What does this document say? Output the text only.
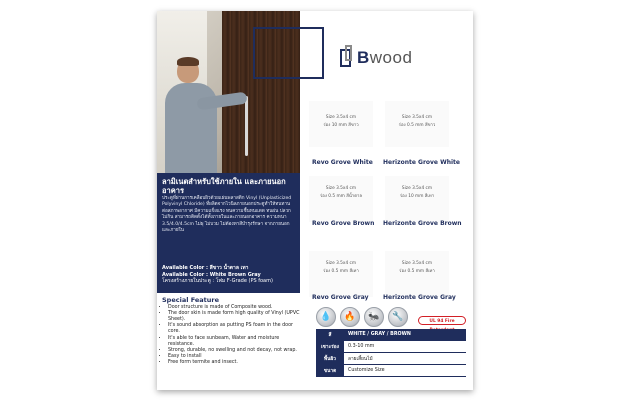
Bwood
ลามิเนตสำหรับใช้ภายใน และภายนอกอาคาร
ประตูที่ผ่านการเคลือบผิวด้วยแผ่นพลาสติก Vinyl (Unplasticized Polyvinyl Chloride) ที่ผลิตจากไวนิลภายนอกประตูทำให้ทนทานต่อสภาพอากาศ มีความแข็งแรง ทนความชื้นทนแดด ทนฝน ปลวกไม่กิน สามารถติดตั้งได้ทั้งภายในและภายนอกอาคาร ความหนา 3.5/4.0/4.5cm ไม่ผุ ไม่บวม ไม่ต้องทาสีบำรุงรักษา จากภายนอกและภายใน
Available Color : สีขาว น้ำตาล เทา
Available Color : White Brown Gray
โครงสร้างภายในประตู : โฟม F-Grade (PS foam)
Special Feature
• Door structure is made of Composite wood.
• The door skin is made form high quality of Vinyl (UPVC Sheet).
• It's sound absorption as putting PS foam in the door core.
• It's able to face sunbeam, Water and moisture resistance.
• Strong, durable, no swelling and not decay, not wrap.
• Easy to install
• Free form termite and insect.
Size 3.5x4 cm
ร่อง 10 mm สีขาว
Revo Grove White
Size 3.5x4 cm
ร่อง 0.5 mm สีขาว
Herizonte Grove White
Size 3.5x4 cm
ร่อง 0.5 mm สีน้ำตาล
Revo Grove Brown
Size 3.5x4 cm
ร่อง 10 mm สีเทา
Herizonte Grove Brown
Size 3.5x4 cm
ร่อง 0.5 mm สีเทา
Revo Grove Gray
Size 3.5x4 cm
ร่อง 0.5 mm สีเทา
Herizonte Grove Gray
💧	🔥	🐜	🔧	UL 94 Fire
สี	WHITE / GRAY / BROWN
เซาะร่อง	0.3-10 mm
พื้นผิว	ลายเสี้ยนไม้
ขนาด	Customize Size
